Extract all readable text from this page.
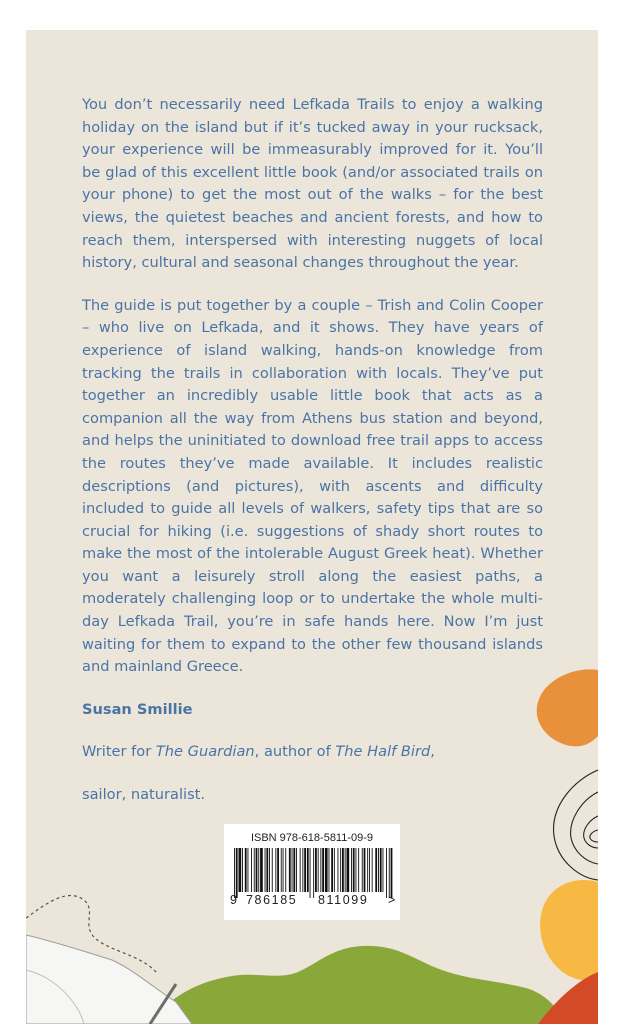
You don’t necessarily need Lefkada Trails to enjoy a walking holiday on the island but if it’s tucked away in your rucksack, your experience will be immeasurably improved for it. You’ll be glad of this excellent little book (and/or associated trails on your phone) to get the most out of the walks – for the best views, the quietest beaches and ancient forests, and how to reach them, interspersed with interesting nuggets of local history, cultural and seasonal changes throughout the year.

The guide is put together by a couple – Trish and Colin Cooper – who live on Lefkada, and it shows. They have years of experience of island walking, hands-on knowledge from tracking the trails in collaboration with locals. They’ve put together an incredibly usable little book that acts as a companion all the way from Athens bus station and beyond, and helps the uninitiated to download free trail apps to access the routes they’ve made available. It includes realistic descriptions (and pictures), with ascents and difficulty included to guide all levels of walkers, safety tips that are so crucial for hiking (i.e. suggestions of shady short routes to make the most of the intolerable August Greek heat). Whether you want a leisurely stroll along the easiest paths, a moderately challenging loop or to undertake the whole multi-day Lefkada Trail, you’re in safe hands here. Now I’m just waiting for them to expand to the other few thousand islands and mainland Greece.

Susan Smillie

Writer for The Guardian, author of The Half Bird,

sailor, naturalist.

ISBN 978-618-5811-09-9
9 786185 811099 >
